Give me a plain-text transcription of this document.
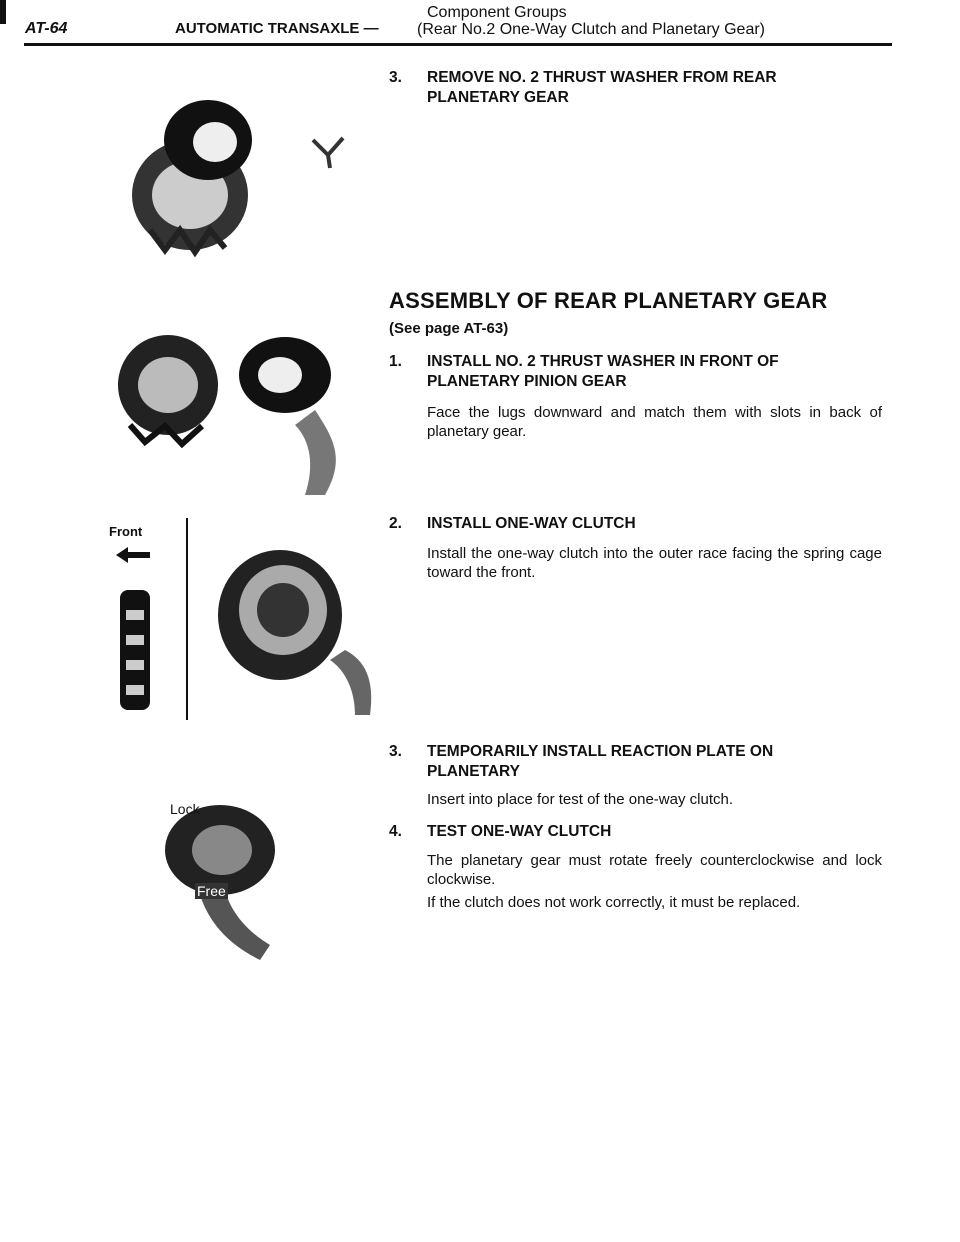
AT-64	AUTOMATIC TRANSAXLE —
Component Groups
(Rear No.2 One-Way Clutch and Planetary Gear)
3. REMOVE NO. 2 THRUST WASHER FROM REAR PLANETARY GEAR
ASSEMBLY OF REAR PLANETARY GEAR
(See page AT-63)
1. INSTALL NO. 2 THRUST WASHER IN FRONT OF PLANETARY PINION GEAR
Face the lugs downward and match them with slots in back of planetary gear.
2. INSTALL ONE-WAY CLUTCH
Install the one-way clutch into the outer race facing the spring cage toward the front.
3. TEMPORARILY INSTALL REACTION PLATE ON PLANETARY
Insert into place for test of the one-way clutch.
4. TEST ONE-WAY CLUTCH
The planetary gear must rotate freely counterclockwise and lock clockwise.
If the clutch does not work correctly, it must be replaced.
Front
Lock
Free
